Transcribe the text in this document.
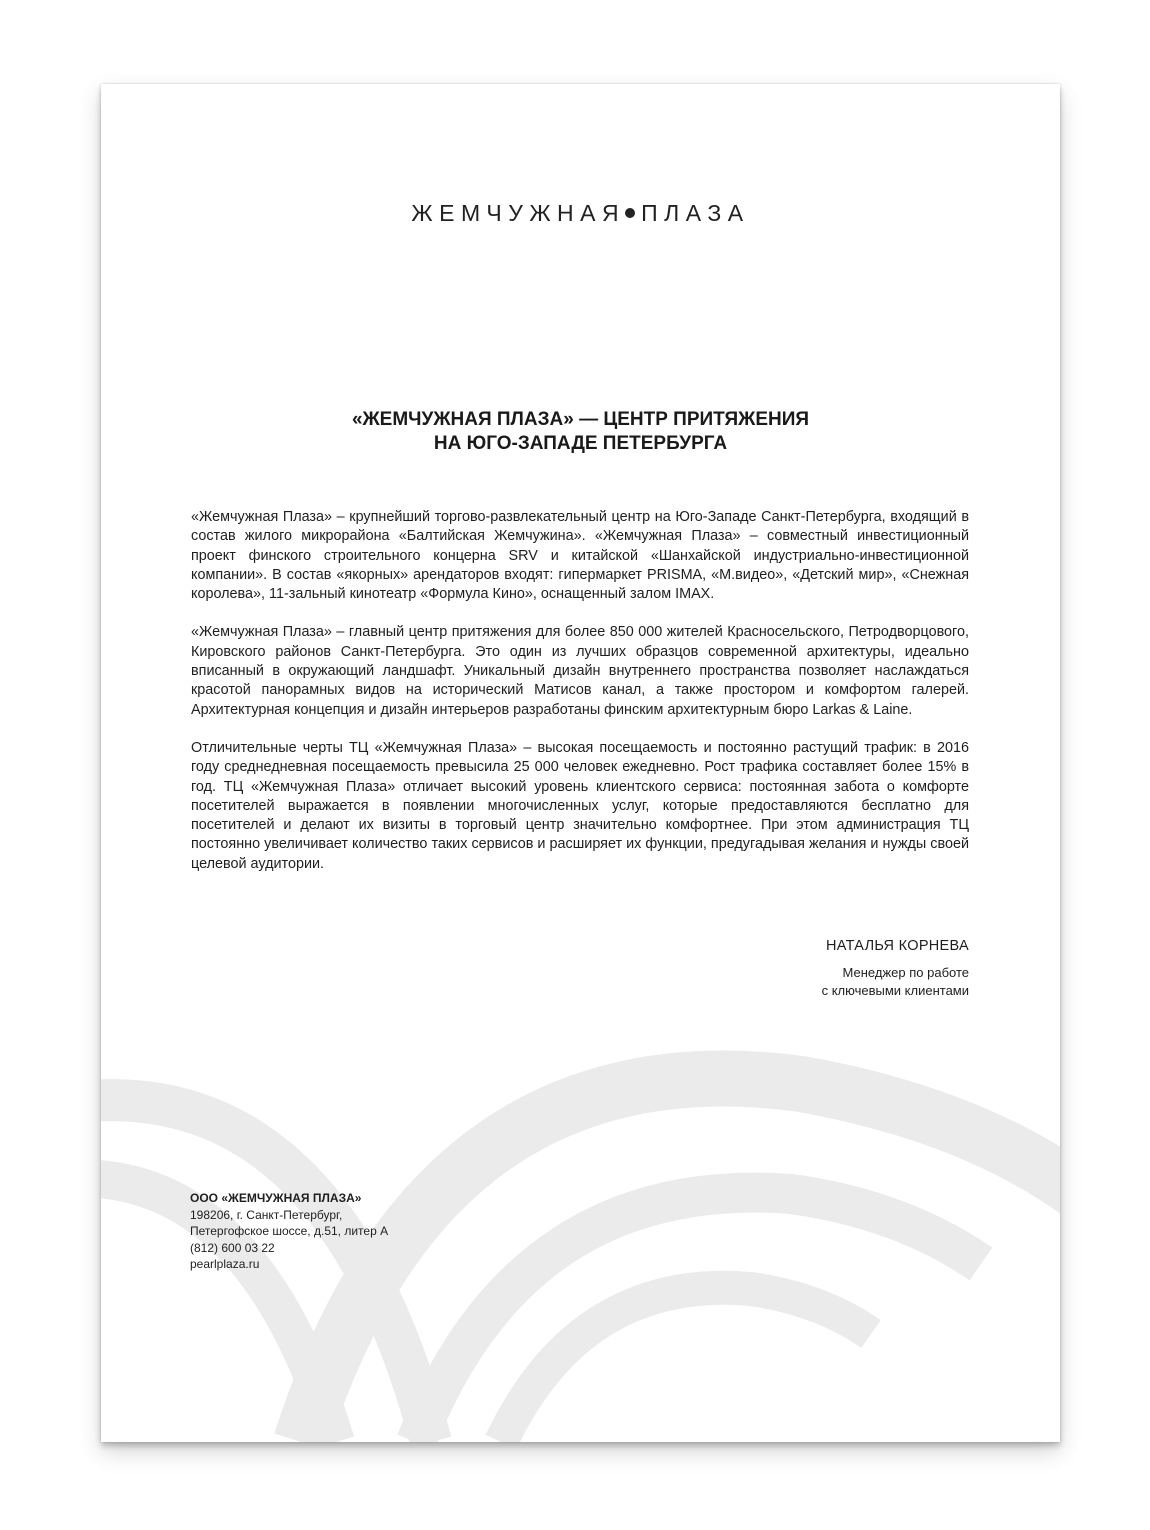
ЖЕМЧУЖНАЯ ПЛАЗА
«ЖЕМЧУЖНАЯ ПЛАЗА» — ЦЕНТР ПРИТЯЖЕНИЯ
НА ЮГО-ЗАПАДЕ ПЕТЕРБУРГА

«Жемчужная Плаза» – крупнейший торгово-развлекательный центр на Юго-Западе Санкт-Петербурга, входящий в состав жилого микрорайона «Балтийская Жемчужина». «Жемчужная Плаза» – совместный инвестиционный проект финского строительного концерна SRV и китайской «Шанхайской индустриально-инвестиционной компании». В состав «якорных» арендаторов входят: гипермаркет PRISMA, «М.видео», «Детский мир», «Снежная королева», 11-зальный кинотеатр «Формула Кино», оснащенный залом IMAX.

«Жемчужная Плаза» – главный центр притяжения для более 850 000 жителей Красносельского, Петродворцового, Кировского районов Санкт-Петербурга. Это один из лучших образцов современной архитектуры, идеально вписанный в окружающий ландшафт. Уникальный дизайн внутреннего пространства позволяет наслаждаться красотой панорамных видов на исторический Матисов канал, а также простором и комфортом галерей. Архитектурная концепция и дизайн интерьеров разработаны финским архитектурным бюро Larkas & Laine.

Отличительные черты ТЦ «Жемчужная Плаза» – высокая посещаемость и постоянно растущий трафик: в 2016 году среднедневная посещаемость превысила 25 000 человек ежедневно. Рост трафика составляет более 15% в год. ТЦ «Жемчужная Плаза» отличает высокий уровень клиентского сервиса: постоянная забота о комфорте посетителей выражается в появлении многочисленных услуг, которые предоставляются бесплатно для посетителей и делают их визиты в торговый центр значительно комфортнее. При этом администрация ТЦ постоянно увеличивает количество таких сервисов и расширяет их функции, предугадывая желания и нужды своей целевой аудитории.

НАТАЛЬЯ КОРНЕВА
Менеджер по работе
с ключевыми клиентами
ООО «ЖЕМЧУЖНАЯ ПЛАЗА»
198206, г. Санкт-Петербург,
Петергофское шоссе, д.51, литер А
(812) 600 03 22
pearlplaza.ru
